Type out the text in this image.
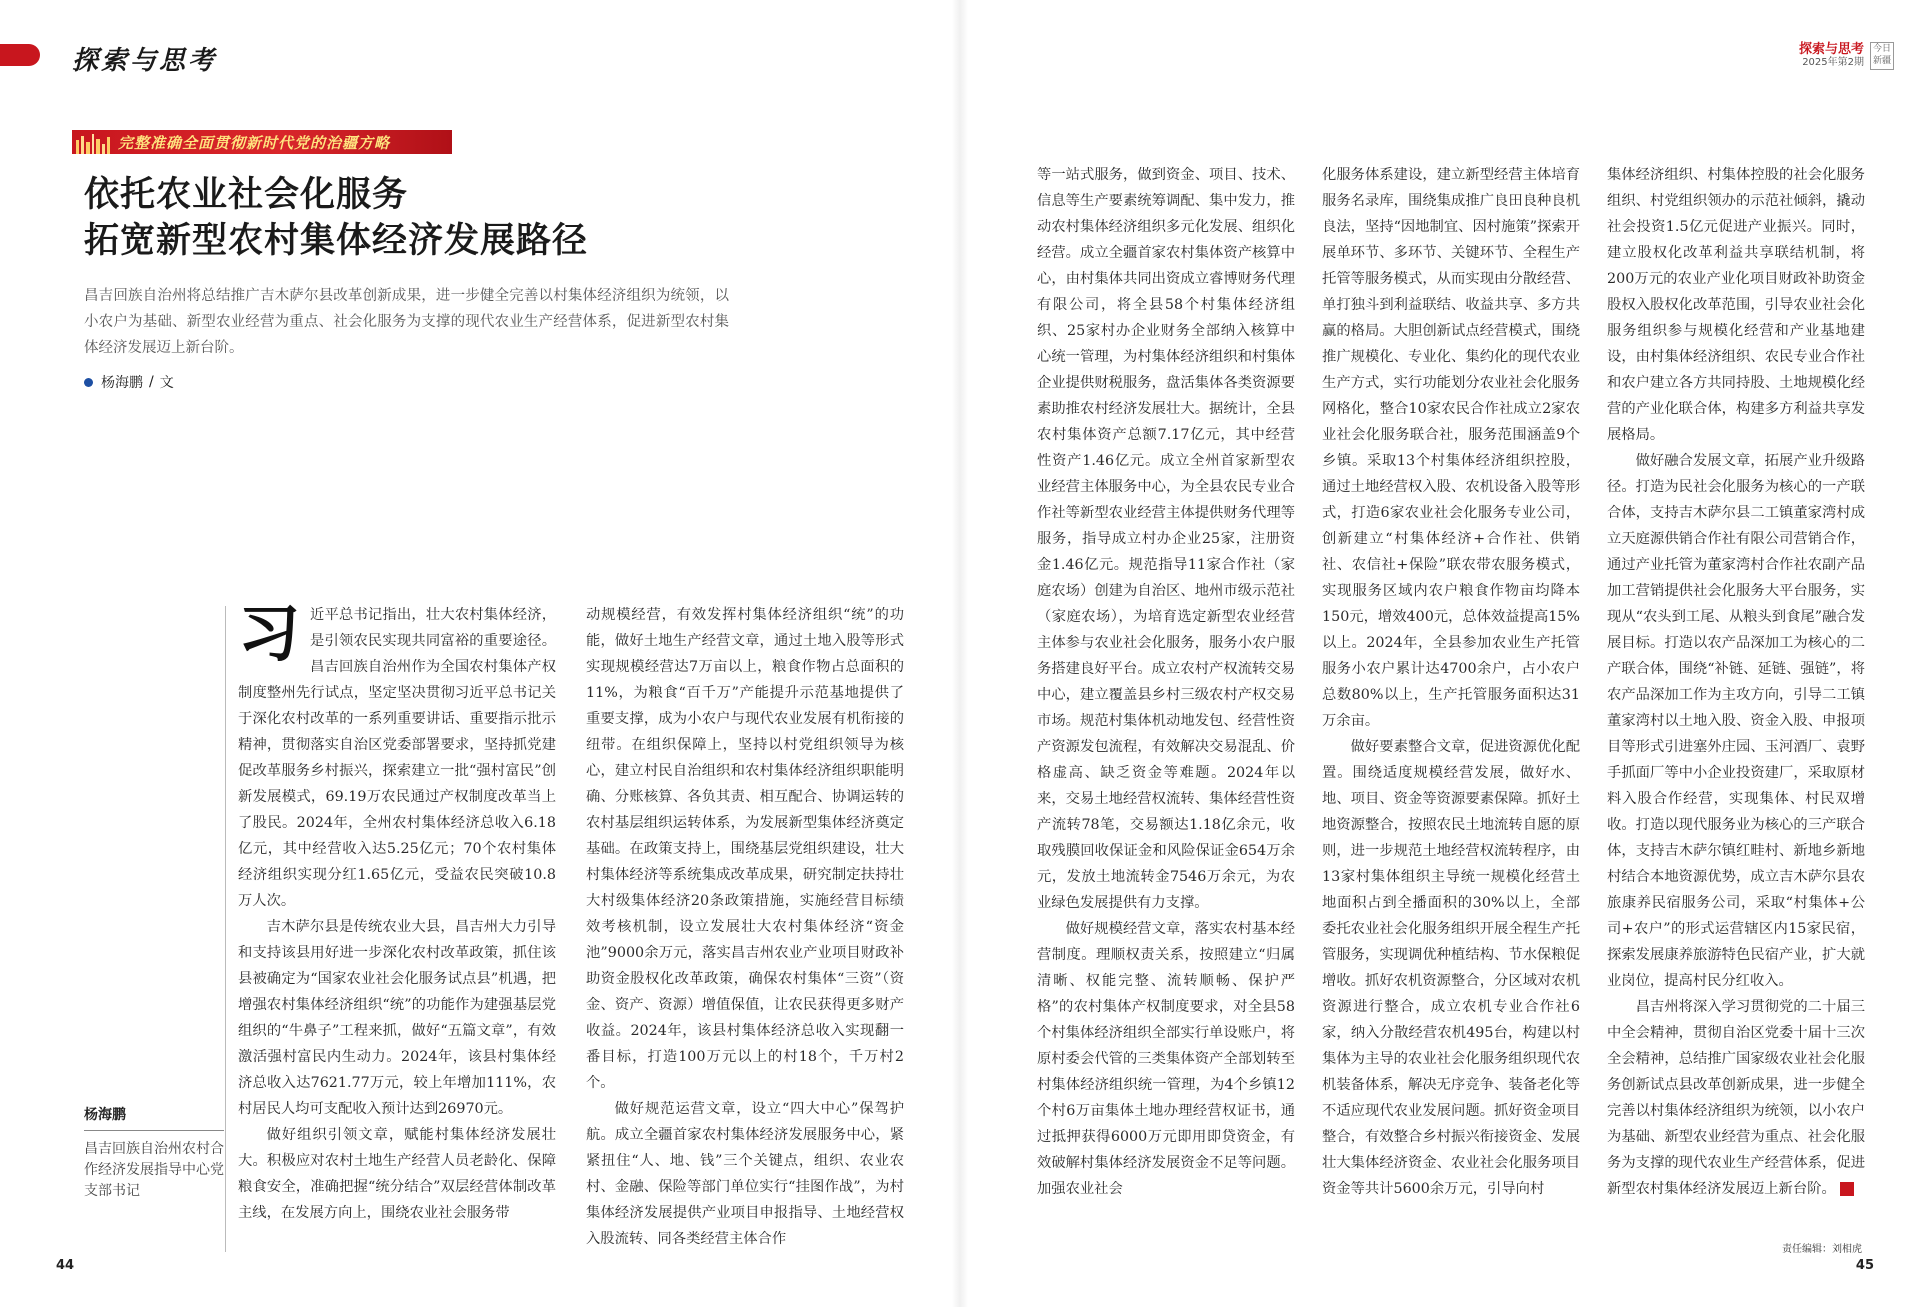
探索与思考	探索与思考
2025年第2期
今日新疆
完整准确全面贯彻新时代党的治疆方略
依托农业社会化服务
拓宽新型农村集体经济发展路径
昌吉回族自治州将总结推广吉木萨尔县改革创新成果，进一步健全完善以村集体经济组织为统领，以小农户为基础、新型农业经营为重点、社会化服务为支撑的现代农业生产经营体系，促进新型农村集体经济发展迈上新台阶。
杨海鹏 / 文
杨海鹏
昌吉回族自治州农村合作经济发展指导中心党支部书记

习近平总书记指出，壮大农村集体经济，是引领农民实现共同富裕的重要途径。昌吉回族自治州作为全国农村集体产权制度整州先行试点，坚定坚决贯彻习近平总书记关于深化农村改革的一系列重要讲话、重要指示批示精神，贯彻落实自治区党委部署要求，坚持抓党建促改革服务乡村振兴，探索建立一批“强村富民”创新发展模式，69.19万农民通过产权制度改革当上了股民。2024年，全州农村集体经济总收入6.18亿元，其中经营收入达5.25亿元；70个农村集体经济组织实现分红1.65亿元，受益农民突破10.8万人次。

吉木萨尔县是传统农业大县，昌吉州大力引导和支持该县用好进一步深化农村改革政策，抓住该县被确定为“国家农业社会化服务试点县”机遇，把增强农村集体经济组织“统”的功能作为建强基层党组织的“牛鼻子”工程来抓，做好“五篇文章”，有效激活强村富民内生动力。2024年，该县村集体经济总收入达7621.77万元，较上年增加111%，农村居民人均可支配收入预计达到26970元。

做好组织引领文章，赋能村集体经济发展壮大。积极应对农村土地生产经营人员老龄化、保障粮食安全，准确把握“统分结合”双层经营体制改革主线，在发展方向上，围绕农业社会服务带

动规模经营，有效发挥村集体经济组织“统”的功能，做好土地生产经营文章，通过土地入股等形式实现规模经营达7万亩以上，粮食作物占总面积的11%，为粮食“百千万”产能提升示范基地提供了重要支撑，成为小农户与现代农业发展有机衔接的纽带。在组织保障上，坚持以村党组织领导为核心，建立村民自治组织和农村集体经济组织职能明确、分账核算、各负其责、相互配合、协调运转的农村基层组织运转体系，为发展新型集体经济奠定基础。在政策支持上，围绕基层党组织建设，壮大村集体经济等系统集成改革成果，研究制定扶持壮大村级集体经济20条政策措施，实施经营目标绩效考核机制，设立发展壮大农村集体经济“资金池”9000余万元，落实昌吉州农业产业项目财政补助资金股权化改革政策，确保农村集体“三资”（资金、资产、资源）增值保值，让农民获得更多财产收益。2024年，该县村集体经济总收入实现翻一番目标，打造100万元以上的村18个，千万村2个。

做好规范运营文章，设立“四大中心”保驾护航。成立全疆首家农村集体经济发展服务中心，紧紧扭住“人、地、钱”三个关键点，组织、农业农村、金融、保险等部门单位实行“挂图作战”，为村集体经济发展提供产业项目申报指导、土地经营权入股流转、同各类经营主体合作

等一站式服务，做到资金、项目、技术、信息等生产要素统筹调配、集中发力，推动农村集体经济组织多元化发展、组织化经营。成立全疆首家农村集体资产核算中心，由村集体共同出资成立睿博财务代理有限公司，将全县58个村集体经济组织、25家村办企业财务全部纳入核算中心统一管理，为村集体经济组织和村集体企业提供财税服务，盘活集体各类资源要素助推农村经济发展壮大。据统计，全县农村集体资产总额7.17亿元，其中经营性资产1.46亿元。成立全州首家新型农业经营主体服务中心，为全县农民专业合作社等新型农业经营主体提供财务代理等服务，指导成立村办企业25家，注册资金1.46亿元。规范指导11家合作社（家庭农场）创建为自治区、地州市级示范社（家庭农场），为培育选定新型农业经营主体参与农业社会化服务，服务小农户服务搭建良好平台。成立农村产权流转交易中心，建立覆盖县乡村三级农村产权交易市场。规范村集体机动地发包、经营性资产资源发包流程，有效解决交易混乱、价格虚高、缺乏资金等难题。2024年以来，交易土地经营权流转、集体经营性资产流转78笔，交易额达1.18亿余元，收取残膜回收保证金和风险保证金654万余元，发放土地流转金7546万余元，为农业绿色发展提供有力支撑。

做好规模经营文章，落实农村基本经营制度。理顺权责关系，按照建立“归属清晰、权能完整、流转顺畅、保护严格”的农村集体产权制度要求，对全县58个村集体经济组织全部实行单设账户，将原村委会代管的三类集体资产全部划转至村集体经济组织统一管理，为4个乡镇12个村6万亩集体土地办理经营权证书，通过抵押获得6000万元即用即贷资金，有效破解村集体经济发展资金不足等问题。加强农业社会

化服务体系建设，建立新型经营主体培育服务名录库，围绕集成推广良田良种良机良法，坚持“因地制宜、因村施策”探索开展单环节、多环节、关键环节、全程生产托管等服务模式，从而实现由分散经营、单打独斗到利益联结、收益共享、多方共赢的格局。大胆创新试点经营模式，围绕推广规模化、专业化、集约化的现代农业生产方式，实行功能划分农业社会化服务网格化，整合10家农民合作社成立2家农业社会化服务联合社，服务范围涵盖9个乡镇。采取13个村集体经济组织控股，通过土地经营权入股、农机设备入股等形式，打造6家农业社会化服务专业公司，创新建立“村集体经济+合作社、供销社、农信社+保险”联农带农服务模式，实现服务区域内农户粮食作物亩均降本150元，增效400元，总体效益提高15%以上。2024年，全县参加农业生产托管服务小农户累计达4700余户，占小农户总数80%以上，生产托管服务面积达31万余亩。

做好要素整合文章，促进资源优化配置。围绕适度规模经营发展，做好水、地、项目、资金等资源要素保障。抓好土地资源整合，按照农民土地流转自愿的原则，进一步规范土地经营权流转程序，由13家村集体组织主导统一规模化经营土地面积占到全播面积的30%以上，全部委托农业社会化服务组织开展全程生产托管服务，实现调优种植结构、节水保粮促增收。抓好农机资源整合，分区域对农机资源进行整合，成立农机专业合作社6家，纳入分散经营农机495台，构建以村集体为主导的农业社会化服务组织现代农机装备体系，解决无序竞争、装备老化等不适应现代农业发展问题。抓好资金项目整合，有效整合乡村振兴衔接资金、发展壮大集体经济资金、农业社会化服务项目资金等共计5600余万元，引导向村

集体经济组织、村集体控股的社会化服务组织、村党组织领办的示范社倾斜，撬动社会投资1.5亿元促进产业振兴。同时，建立股权化改革利益共享联结机制，将200万元的农业产业化项目财政补助资金股权入股权化改革范围，引导农业社会化服务组织参与规模化经营和产业基地建设，由村集体经济组织、农民专业合作社和农户建立各方共同持股、土地规模化经营的产业化联合体，构建多方利益共享发展格局。

做好融合发展文章，拓展产业升级路径。打造为民社会化服务为核心的一产联合体，支持吉木萨尔县二工镇董家湾村成立天庭源供销合作社有限公司营销合作，通过产业托管为董家湾村合作社农副产品加工营销提供社会化服务大平台服务，实现从“农头到工尾、从粮头到食尾”融合发展目标。打造以农产品深加工为核心的二产联合体，围绕“补链、延链、强链”，将农产品深加工作为主攻方向，引导二工镇董家湾村以土地入股、资金入股、申报项目等形式引进塞外庄园、玉河酒厂、袁野手抓面厂等中小企业投资建厂，采取原材料入股合作经营，实现集体、村民双增收。打造以现代服务业为核心的三产联合体，支持吉木萨尔镇红畦村、新地乡新地村结合本地资源优势，成立吉木萨尔县农旅康养民宿服务公司，采取“村集体+公司+农户”的形式运营辖区内15家民宿，探索发展康养旅游特色民宿产业，扩大就业岗位，提高村民分红收入。

昌吉州将深入学习贯彻党的二十届三中全会精神，贯彻自治区党委十届十三次全会精神，总结推广国家级农业社会化服务创新试点县改革创新成果，进一步健全完善以村集体经济组织为统领，以小农户为基础、新型农业经营为重点、社会化服务为支撑的现代农业生产经营体系，促进新型农村集体经济发展迈上新台阶。	J

责任编辑：刘相虎
44	45
